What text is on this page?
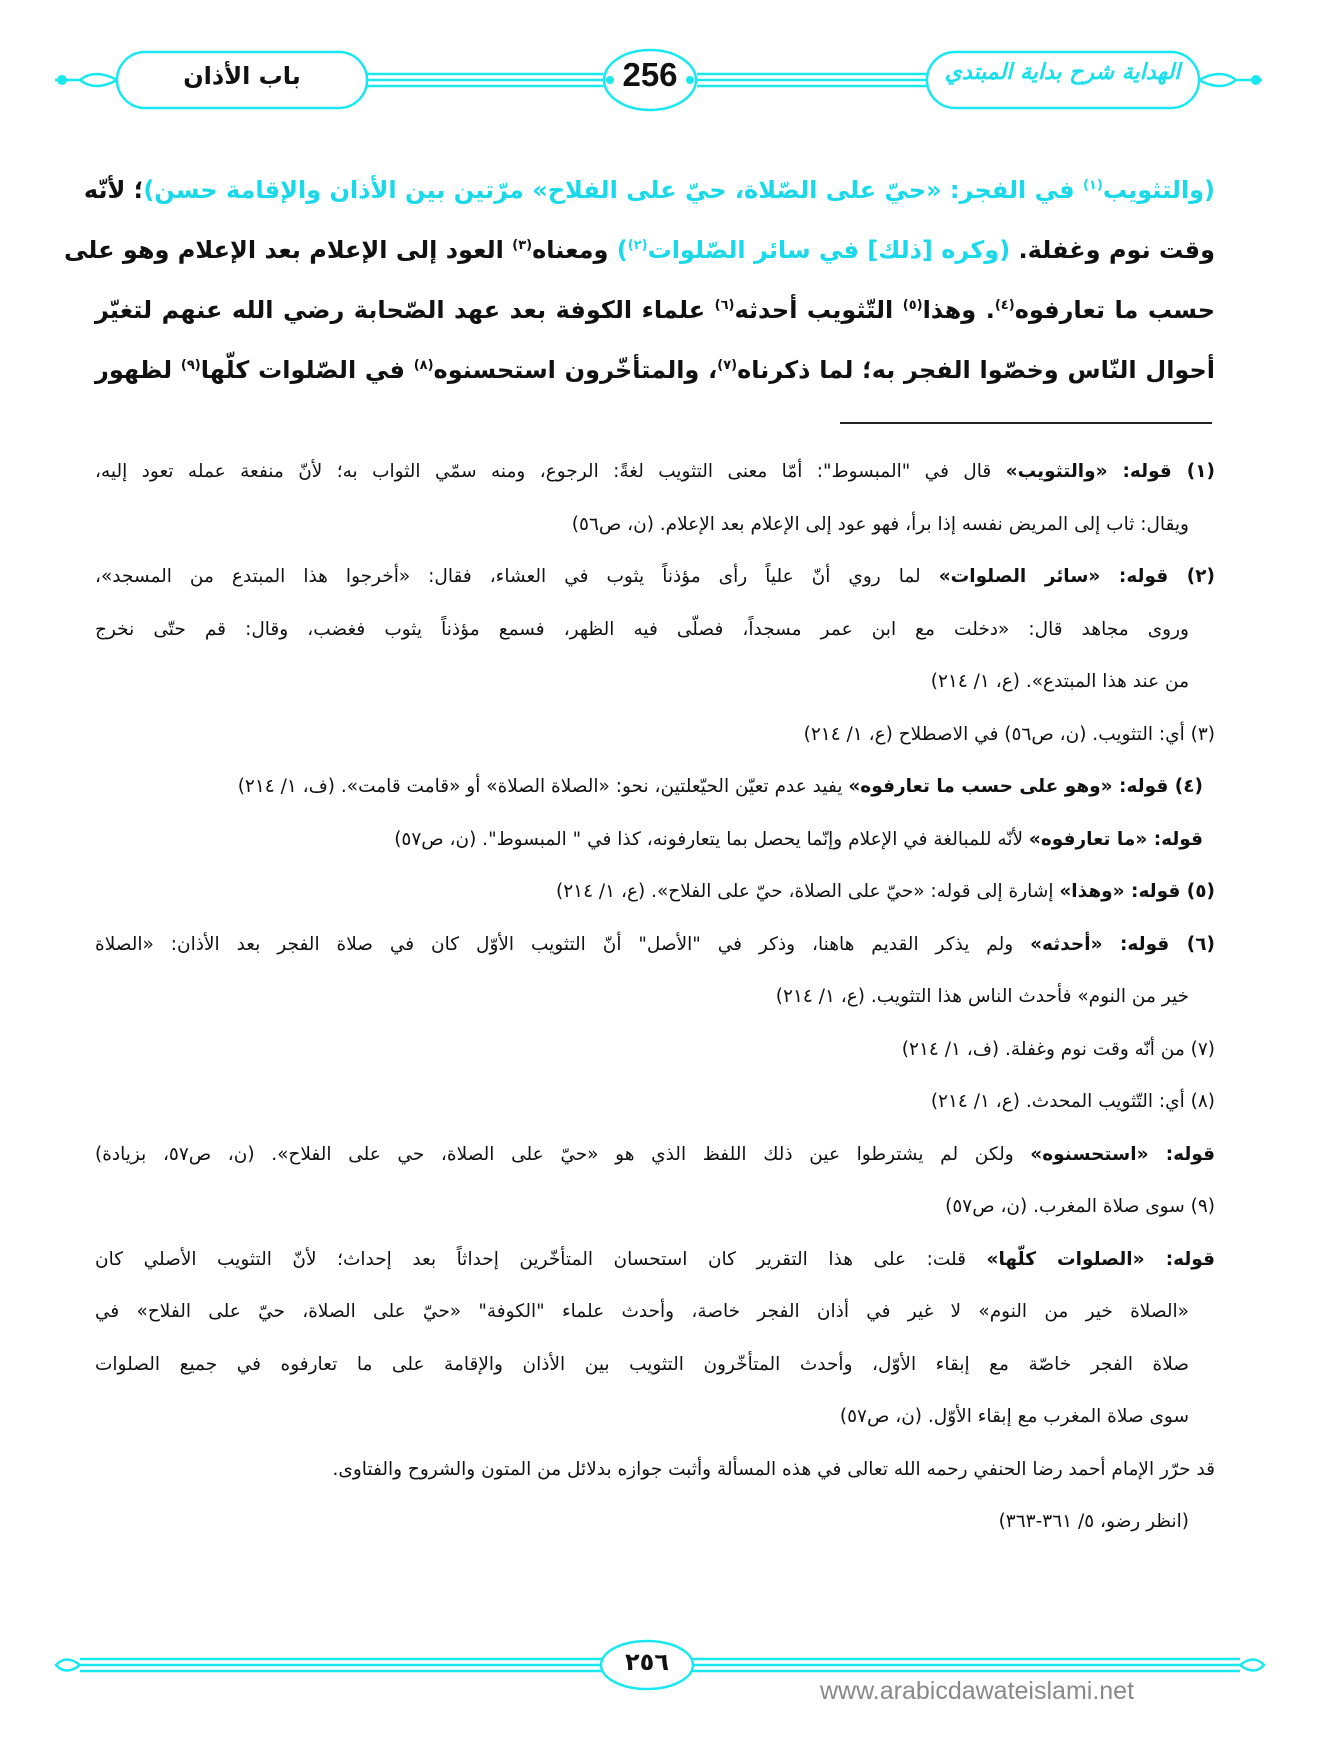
الهداية شرح بداية المبتدي
256
باب الأذان
(والتثويب$^{(١)}$ في الفجر: «حيّ على الصّلاة، حيّ على الفلاح» مرّتين بين الأذان والإقامة حسن)؛ لأنّه
وقت نوم وغفلة. (وكره [ذلك] في سائر الصّلوات$^{(٢)}$) ومعناه$^{(٣)}$ العود إلى الإعلام بعد الإعلام وهو على
حسب ما تعارفوه$^{(٤)}$. وهذا$^{(٥)}$ التّثويب أحدثه$^{(٦)}$ علماء الكوفة بعد عهد الصّحابة رضي الله عنهم لتغيّر
أحوال النّاس وخصّوا الفجر به؛ لما ذكرناه$^{(٧)}$، والمتأخّرون استحسنوه$^{(٨)}$ في الصّلوات كلّها$^{(٩)}$ لظهور
(١) قوله: «والتثويب» قال في "المبسوط": أمّا معنى التثويب لغةً: الرجوع، ومنه سمّي الثواب به؛ لأنّ منفعة عمله تعود إليه،
ويقال: ثاب إلى المريض نفسه إذا برأ، فهو عود إلى الإعلام بعد الإعلام. (ن، ص٥٦)
(٢) قوله: «سائر الصلوات» لما روي أنّ علياً رأى مؤذناً يثوب في العشاء، فقال: «أخرجوا هذا المبتدع من المسجد»،
وروى مجاهد قال: «دخلت مع ابن عمر مسجداً، فصلّى فيه الظهر، فسمع مؤذناً يثوب فغضب، وقال: قم حتّى نخرج
من عند هذا المبتدع». (ع، ١/ ٢١٤)
(٣) أي: التثويب. (ن، ص٥٦) في الاصطلاح (ع، ١/ ٢١٤)
(٤) قوله: «وهو على حسب ما تعارفوه» يفيد عدم تعيّن الحيّعلتين، نحو: «الصلاة الصلاة» أو «قامت قامت». (ف، ١/ ٢١٤)
قوله: «ما تعارفوه» لأنّه للمبالغة في الإعلام وإنّما يحصل بما يتعارفونه، كذا في " المبسوط". (ن، ص٥٧)
(٥) قوله: «وهذا» إشارة إلى قوله: «حيّ على الصلاة، حيّ على الفلاح». (ع، ١/ ٢١٤)
(٦) قوله: «أحدثه» ولم يذكر القديم هاهنا، وذكر في "الأصل" أنّ التثويب الأوّل كان في صلاة الفجر بعد الأذان: «الصلاة
خير من النوم» فأحدث الناس هذا التثويب. (ع، ١/ ٢١٤)
(٧) من أنّه وقت نوم وغفلة. (ف، ١/ ٢١٤)
(٨) أي: التّثويب المحدث. (ع، ١/ ٢١٤)
قوله: «استحسنوه» ولكن لم يشترطوا عين ذلك اللفظ الذي هو «حيّ على الصلاة، حي على الفلاح». (ن، ص٥٧، بزيادة)
(٩) سوى صلاة المغرب. (ن، ص٥٧)
قوله: «الصلوات كلّها» قلت: على هذا التقرير كان استحسان المتأخّرين إحداثاً بعد إحداث؛ لأنّ التثويب الأصلي كان
«الصلاة خير من النوم» لا غير في أذان الفجر خاصة، وأحدث علماء "الكوفة" «حيّ على الصلاة، حيّ على الفلاح» في
صلاة الفجر خاصّة مع إبقاء الأوّل، وأحدث المتأخّرون التثويب بين الأذان والإقامة على ما تعارفوه في جميع الصلوات
سوى صلاة المغرب مع إبقاء الأوّل. (ن، ص٥٧)
قد حرّر الإمام أحمد رضا الحنفي رحمه الله تعالى في هذه المسألة وأثبت جوازه بدلائل من المتون والشروح والفتاوى.
(انظر رضو، ٥/ ٣٦١-٣٦٣)
٢٥٦
www.arabicdawateislami.net
